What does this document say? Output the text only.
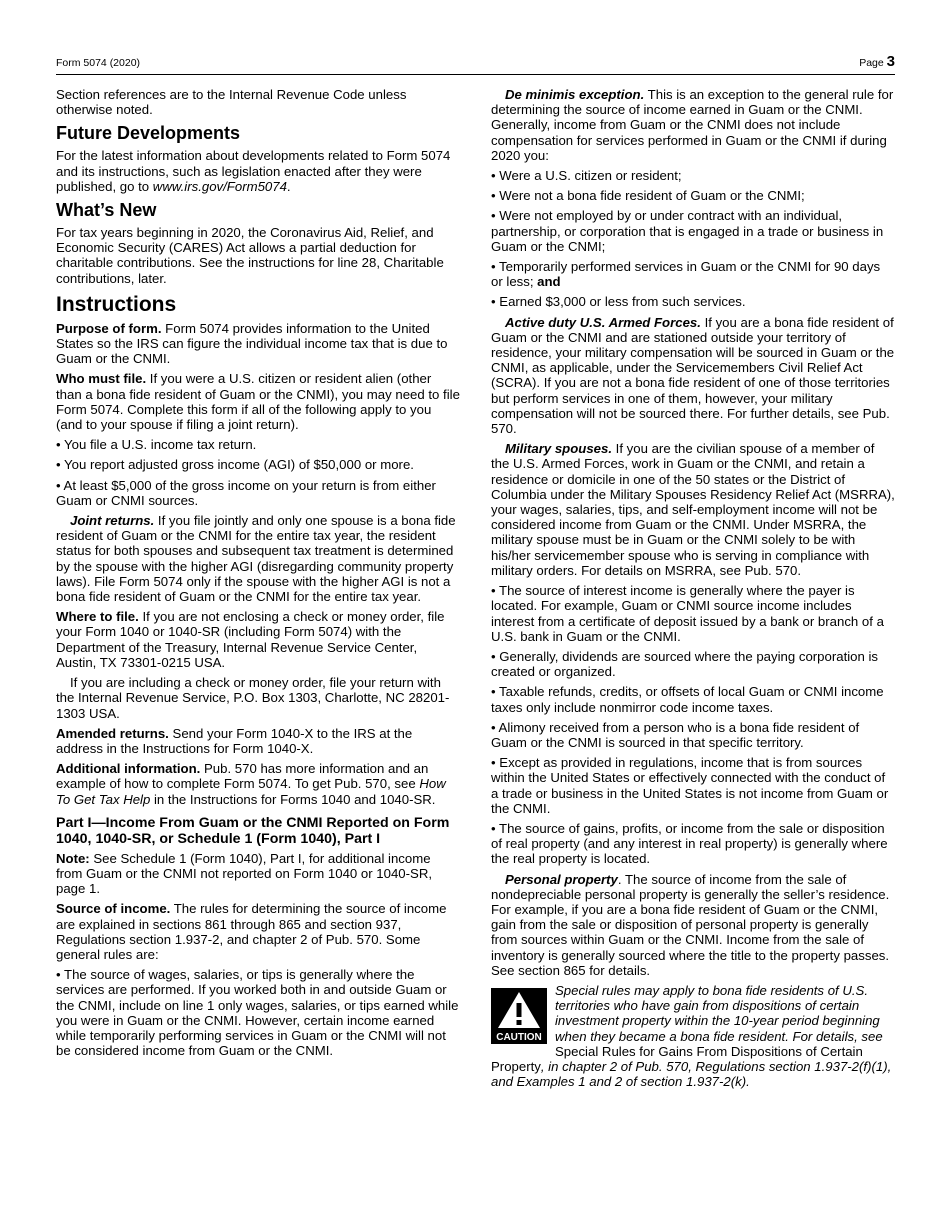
Form 5074 (2020)	Page 3

Section references are to the Internal Revenue Code unless otherwise noted.

Future Developments

For the latest information about developments related to Form 5074 and its instructions, such as legislation enacted after they were published, go to www.irs.gov/Form5074.

What’s New

For tax years beginning in 2020, the Coronavirus Aid, Relief, and Economic Security (CARES) Act allows a partial deduction for charitable contributions. See the instructions for line 28, Charitable contributions, later.

Instructions

Purpose of form. Form 5074 provides information to the United States so the IRS can figure the individual income tax that is due to Guam or the CNMI.

Who must file. If you were a U.S. citizen or resident alien (other than a bona fide resident of Guam or the CNMI), you may need to file Form 5074. Complete this form if all of the following apply to you (and to your spouse if filing a joint return).

• You file a U.S. income tax return.

• You report adjusted gross income (AGI) of $50,000 or more.

• At least $5,000 of the gross income on your return is from either Guam or CNMI sources.

Joint returns. If you file jointly and only one spouse is a bona fide resident of Guam or the CNMI for the entire tax year, the resident status for both spouses and subsequent tax treatment is determined by the spouse with the higher AGI (disregarding community property laws). File Form 5074 only if the spouse with the higher AGI is not a bona fide resident of Guam or the CNMI for the entire tax year.

Where to file. If you are not enclosing a check or money order, file your Form 1040 or 1040-SR (including Form 5074) with the Department of the Treasury, Internal Revenue Service Center, Austin, TX 73301-0215 USA.

If you are including a check or money order, file your return with the Internal Revenue Service, P.O. Box 1303, Charlotte, NC 28201-1303 USA.

Amended returns. Send your Form 1040-X to the IRS at the address in the Instructions for Form 1040-X.

Additional information. Pub. 570 has more information and an example of how to complete Form 5074. To get Pub. 570, see How To Get Tax Help in the Instructions for Forms 1040 and 1040-SR.

Part I—Income From Guam or the CNMI Reported on Form 1040, 1040-SR, or Schedule 1 (Form 1040), Part I

Note: See Schedule 1 (Form 1040), Part I, for additional income from Guam or the CNMI not reported on Form 1040 or 1040-SR, page 1.

Source of income. The rules for determining the source of income are explained in sections 861 through 865 and section 937, Regulations section 1.937-2, and chapter 2 of Pub. 570. Some general rules are:

• The source of wages, salaries, or tips is generally where the services are performed. If you worked both in and outside Guam or the CNMI, include on line 1 only wages, salaries, or tips earned while you were in Guam or the CNMI. However, certain income earned while temporarily performing services in Guam or the CNMI will not be considered income from Guam or the CNMI.

De minimis exception. This is an exception to the general rule for determining the source of income earned in Guam or the CNMI. Generally, income from Guam or the CNMI does not include compensation for services performed in Guam or the CNMI if during 2020 you:

• Were a U.S. citizen or resident;

• Were not a bona fide resident of Guam or the CNMI;

• Were not employed by or under contract with an individual, partnership, or corporation that is engaged in a trade or business in Guam or the CNMI;

• Temporarily performed services in Guam or the CNMI for 90 days or less; and

• Earned $3,000 or less from such services.

Active duty U.S. Armed Forces. If you are a bona fide resident of Guam or the CNMI and are stationed outside your territory of residence, your military compensation will be sourced in Guam or the CNMI, as applicable, under the Servicemembers Civil Relief Act (SCRA). If you are not a bona fide resident of one of those territories but perform services in one of them, however, your military compensation will not be sourced there. For further details, see Pub. 570.

Military spouses. If you are the civilian spouse of a member of the U.S. Armed Forces, work in Guam or the CNMI, and retain a residence or domicile in one of the 50 states or the District of Columbia under the Military Spouses Residency Relief Act (MSRRA), your wages, salaries, tips, and self-employment income will not be considered income from Guam or the CNMI. Under MSRRA, the military spouse must be in Guam or the CNMI solely to be with his/her servicemember spouse who is serving in compliance with military orders. For details on MSRRA, see Pub. 570.

• The source of interest income is generally where the payer is located. For example, Guam or CNMI source income includes interest from a certificate of deposit issued by a bank or branch of a U.S. bank in Guam or the CNMI.

• Generally, dividends are sourced where the paying corporation is created or organized.

• Taxable refunds, credits, or offsets of local Guam or CNMI income taxes only include nonmirror code income taxes.

• Alimony received from a person who is a bona fide resident of Guam or the CNMI is sourced in that specific territory.

• Except as provided in regulations, income that is from sources within the United States or effectively connected with the conduct of a trade or business in the United States is not income from Guam or the CNMI.

• The source of gains, profits, or income from the sale or disposition of real property (and any interest in real property) is generally where the real property is located.

Personal property. The source of income from the sale of nondepreciable personal property is generally the seller’s residence. For example, if you are a bona fide resident of Guam or the CNMI, gain from the sale or disposition of personal property is generally from sources within Guam or the CNMI. Income from the sale of inventory is generally sourced where the title to the property passes. See section 865 for details.

CAUTION

Special rules may apply to bona fide residents of U.S. territories who have gain from dispositions of certain investment property within the 10-year period beginning when they became a bona fide resident. For details, see Special Rules for Gains From Dispositions of Certain Property, in chapter 2 of Pub. 570, Regulations section 1.937-2(f)(1), and Examples 1 and 2 of section 1.937-2(k).
